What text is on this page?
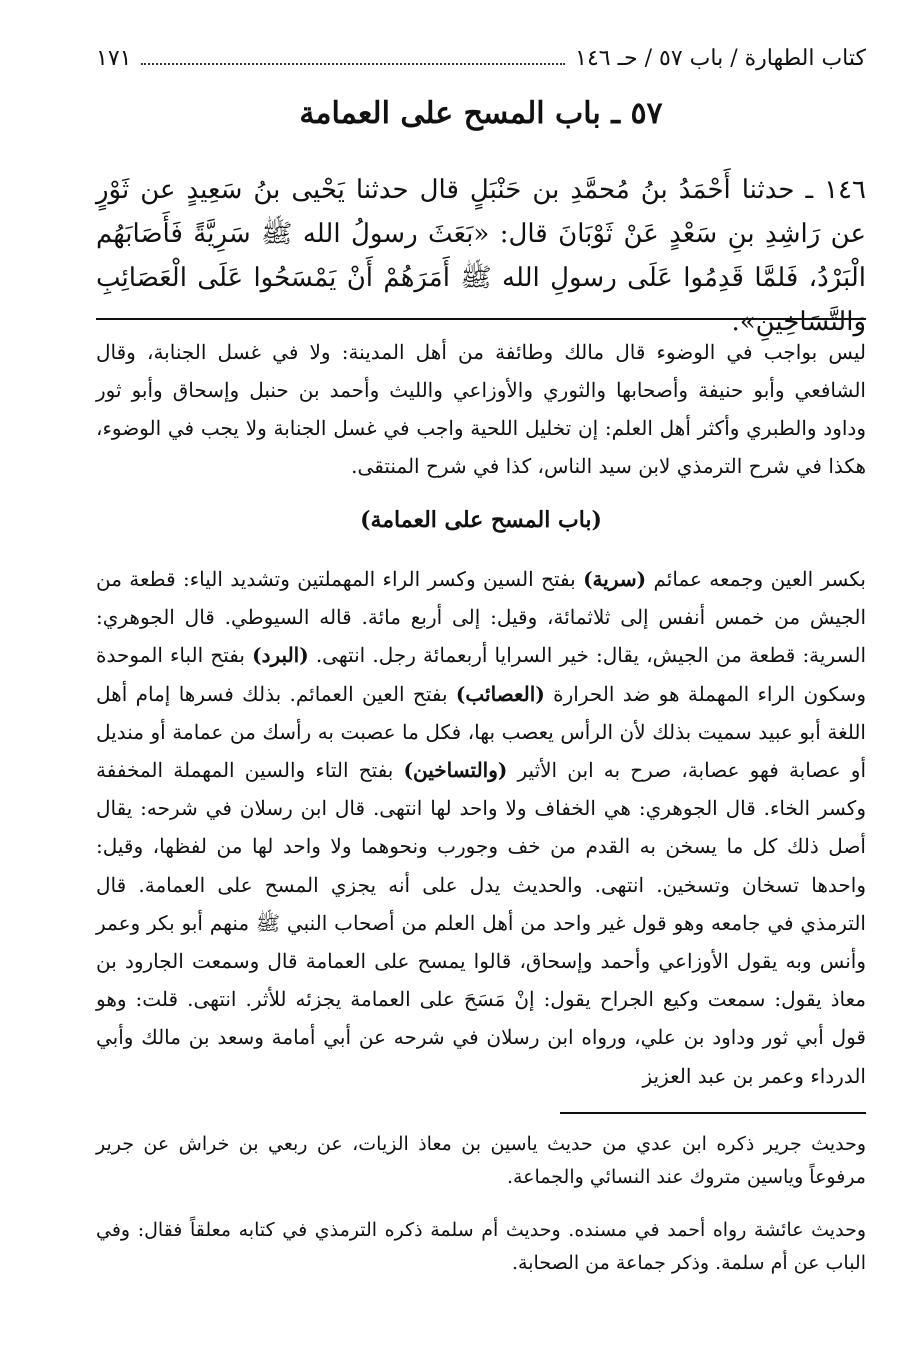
كتاب الطهارة / باب ٥٧ / حـ ١٤٦
١٧١
٥٧ ـ باب المسح على العمامة
١٤٦ ـ حدثنا أَحْمَدُ بنُ مُحمَّدِ بن حَنْبَلٍ قال حدثنا يَحْيى بنُ سَعِيدٍ عن ثَوْرٍ عن رَاشِدِ بنِ سَعْدٍ عَنْ ثَوْبَانَ قال: «بَعَثَ رسولُ الله ﷺ سَرِيَّةً فَأَصَابَهُم الْبَرْدُ، فَلمَّا قَدِمُوا عَلَى رسولِ الله ﷺ أَمَرَهُمْ أَنْ يَمْسَحُوا عَلَى الْعَصَائِبِ وَالتَّسَاخِينِ».
ليس بواجب في الوضوء قال مالك وطائفة من أهل المدينة: ولا في غسل الجنابة، وقال الشافعي وأبو حنيفة وأصحابها والثوري والأوزاعي والليث وأحمد بن حنبل وإسحاق وأبو ثور وداود والطبري وأكثر أهل العلم: إن تخليل اللحية واجب في غسل الجنابة ولا يجب في الوضوء، هكذا في شرح الترمذي لابن سيد الناس، كذا في شرح المنتقى.
(باب المسح على العمامة)
بكسر العين وجمعه عمائم (سرية) بفتح السين وكسر الراء المهملتين وتشديد الياء: قطعة من الجيش من خمس أنفس إلى ثلاثمائة، وقيل: إلى أربع مائة. قاله السيوطي. قال الجوهري: السرية: قطعة من الجيش، يقال: خير السرايا أربعمائة رجل. انتهى. (البرد) بفتح الباء الموحدة وسكون الراء المهملة هو ضد الحرارة (العصائب) بفتح العين العمائم. بذلك فسرها إمام أهل اللغة أبو عبيد سميت بذلك لأن الرأس يعصب بها، فكل ما عصبت به رأسك من عمامة أو منديل أو عصابة فهو عصابة، صرح به ابن الأثير (والتساخين) بفتح التاء والسين المهملة المخففة وكسر الخاء. قال الجوهري: هي الخفاف ولا واحد لها انتهى. قال ابن رسلان في شرحه: يقال أصل ذلك كل ما يسخن به القدم من خف وجورب ونحوهما ولا واحد لها من لفظها، وقيل: واحدها تسخان وتسخين. انتهى. والحديث يدل على أنه يجزي المسح على العمامة. قال الترمذي في جامعه وهو قول غير واحد من أهل العلم من أصحاب النبي ﷺ منهم أبو بكر وعمر وأنس وبه يقول الأوزاعي وأحمد وإسحاق، قالوا يمسح على العمامة قال وسمعت الجارود بن معاذ يقول: سمعت وكيع الجراح يقول: إنْ مَسَحَ على العمامة يجزئه للأثر. انتهى. قلت: وهو قول أبي ثور وداود بن علي، ورواه ابن رسلان في شرحه عن أبي أمامة وسعد بن مالك وأبي الدرداء وعمر بن عبد العزيز

وحديث جرير ذكره ابن عدي من حديث ياسين بن معاذ الزيات، عن ربعي بن خراش عن جرير مرفوعاً وياسين متروك عند النسائي والجماعة.

وحديث عائشة رواه أحمد في مسنده. وحديث أم سلمة ذكره الترمذي في كتابه معلقاً فقال: وفي الباب عن أم سلمة. وذكر جماعة من الصحابة.
